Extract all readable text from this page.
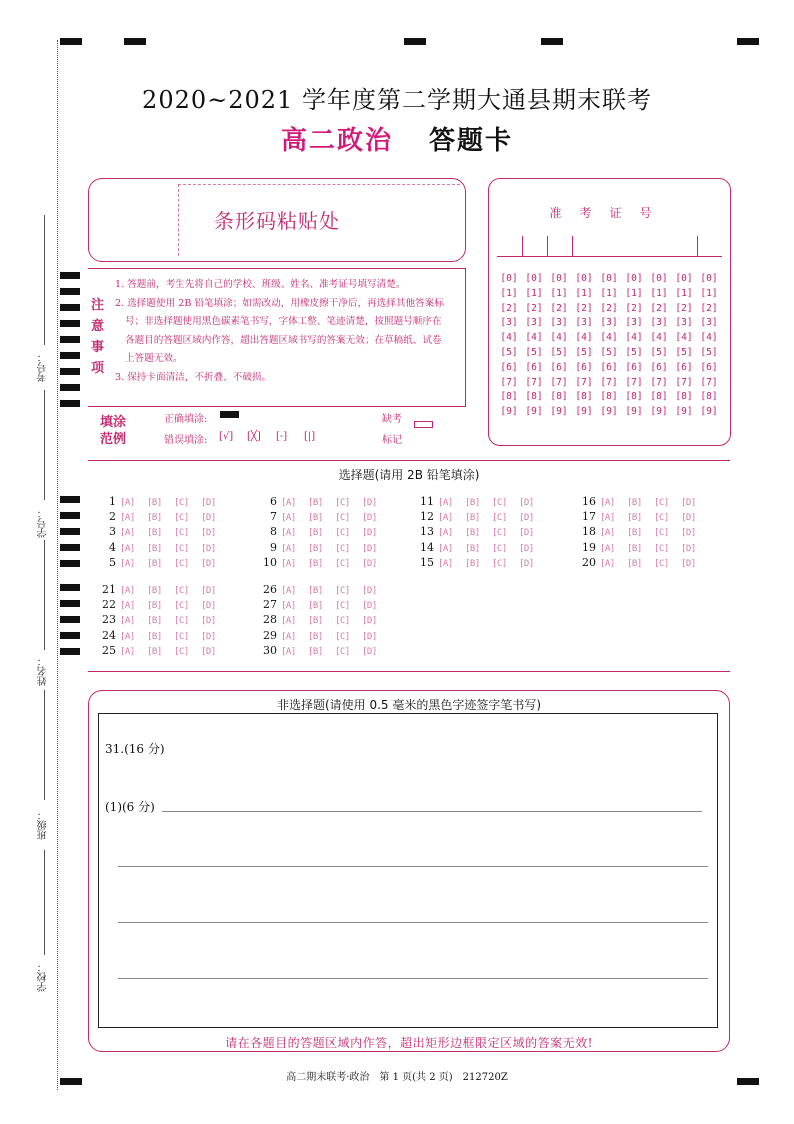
考号：
学号：
姓名：
班级：
学校：
2020~2021 学年度第二学期大通县期末联考
高二政治 答题卡
条形码粘贴处
注
意
事
项
1. 答题前，考生先将自己的学校、班级、姓名、准考证号填写清楚。
2. 选择题使用 2B 铅笔填涂；如需改动，用橡皮擦干净后，再选择其他答案标
号；非选择题使用黑色碳素笔书写，字体工整、笔迹清楚，按照题号顺序在
各题目的答题区域内作答，超出答题区域书写的答案无效；在草稿纸、试卷
上答题无效。
3. 保持卡面清洁，不折叠、不破损。
填涂
范例
正确填涂:
错误填涂: [√] [╳] [-] [|]
缺考
标记
准考证号
[0]
[1]
[2]
[3]
[4]
[5]
[6]
[7]
[8]
[9]
[0]
[1]
[2]
[3]
[4]
[5]
[6]
[7]
[8]
[9]
[0]
[1]
[2]
[3]
[4]
[5]
[6]
[7]
[8]
[9]
[0]
[1]
[2]
[3]
[4]
[5]
[6]
[7]
[8]
[9]
[0]
[1]
[2]
[3]
[4]
[5]
[6]
[7]
[8]
[9]
[0]
[1]
[2]
[3]
[4]
[5]
[6]
[7]
[8]
[9]
[0]
[1]
[2]
[3]
[4]
[5]
[6]
[7]
[8]
[9]
[0]
[1]
[2]
[3]
[4]
[5]
[6]
[7]
[8]
[9]
[0]
[1]
[2]
[3]
[4]
[5]
[6]
[7]
[8]
[9]
选择题(请用 2B 铅笔填涂)
1 [A] [B] [C] [D]
2 [A] [B] [C] [D]
3 [A] [B] [C] [D]
4 [A] [B] [C] [D]
5 [A] [B] [C] [D]
6 [A] [B] [C] [D]
7 [A] [B] [C] [D]
8 [A] [B] [C] [D]
9 [A] [B] [C] [D]
10 [A] [B] [C] [D]
11 [A] [B] [C] [D]
12 [A] [B] [C] [D]
13 [A] [B] [C] [D]
14 [A] [B] [C] [D]
15 [A] [B] [C] [D]
16 [A] [B] [C] [D]
17 [A] [B] [C] [D]
18 [A] [B] [C] [D]
19 [A] [B] [C] [D]
20 [A] [B] [C] [D]
21 [A] [B] [C] [D]
22 [A] [B] [C] [D]
23 [A] [B] [C] [D]
24 [A] [B] [C] [D]
25 [A] [B] [C] [D]
26 [A] [B] [C] [D]
27 [A] [B] [C] [D]
28 [A] [B] [C] [D]
29 [A] [B] [C] [D]
30 [A] [B] [C] [D]
非选择题(请使用 0.5 毫米的黑色字迹签字笔书写)
31.(16 分)
(1)(6 分)
请在各题目的答题区域内作答，超出矩形边框限定区域的答案无效!
高二期末联考·政治　第 1 页(共 2 页)　212720Z
